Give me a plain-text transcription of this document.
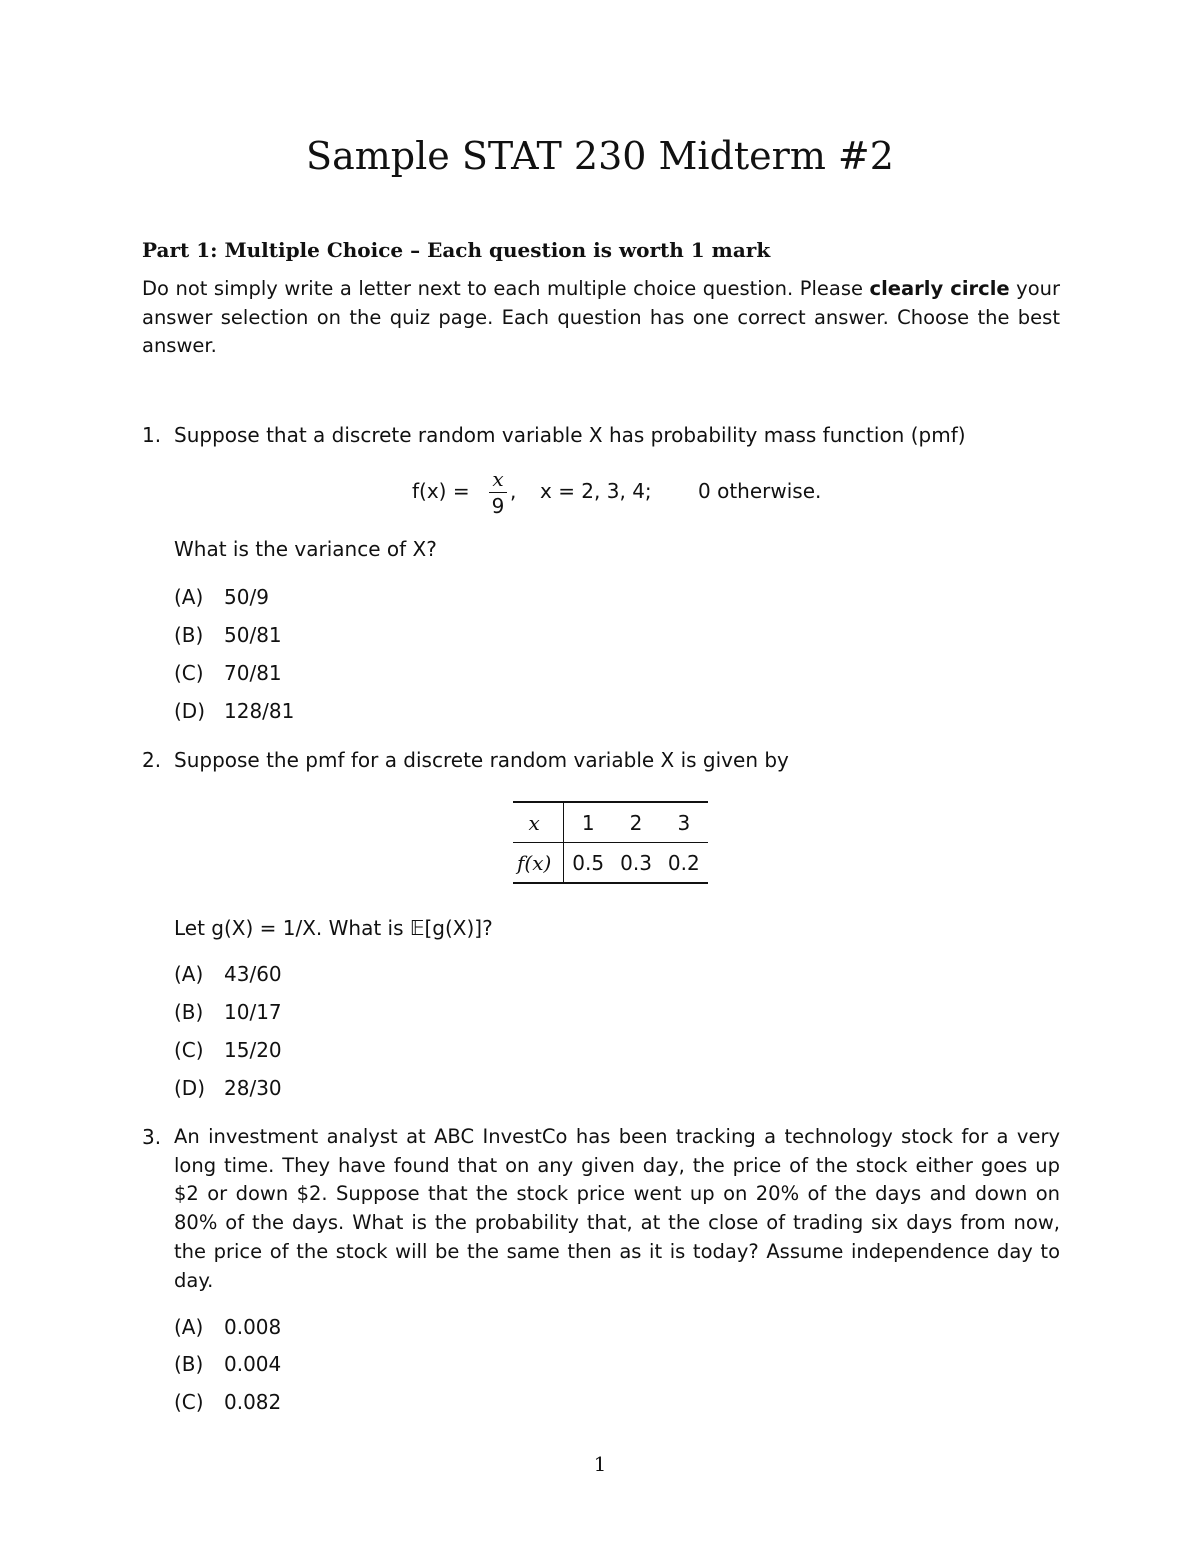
Sample STAT 230 Midterm #2
Part 1: Multiple Choice – Each question is worth 1 mark
Do not simply write a letter next to each multiple choice question. Please clearly circle your answer selection on the quiz page. Each question has one correct answer. Choose the best answer.
1. Suppose that a discrete random variable X has probability mass function (pmf)
f(x) = x
9
, x = 2, 3, 4; 0 otherwise.
What is the variance of X?
(A) 50/9
(B) 50/81
(C) 70/81
(D) 128/81
2. Suppose the pmf for a discrete random variable X is given by
x	1	2	3
f(x)	0.5	0.3	0.2
Let g(X) = 1/X. What is 𝔼[g(X)]?
(A) 43/60
(B) 10/17
(C) 15/20
(D) 28/30
3. An investment analyst at ABC InvestCo has been tracking a technology stock for a very long time. They have found that on any given day, the price of the stock either goes up $2 or down $2. Suppose that the stock price went up on 20% of the days and down on 80% of the days. What is the probability that, at the close of trading six days from now, the price of the stock will be the same then as it is today? Assume independence day to day.
(A) 0.008
(B) 0.004
(C) 0.082
1
